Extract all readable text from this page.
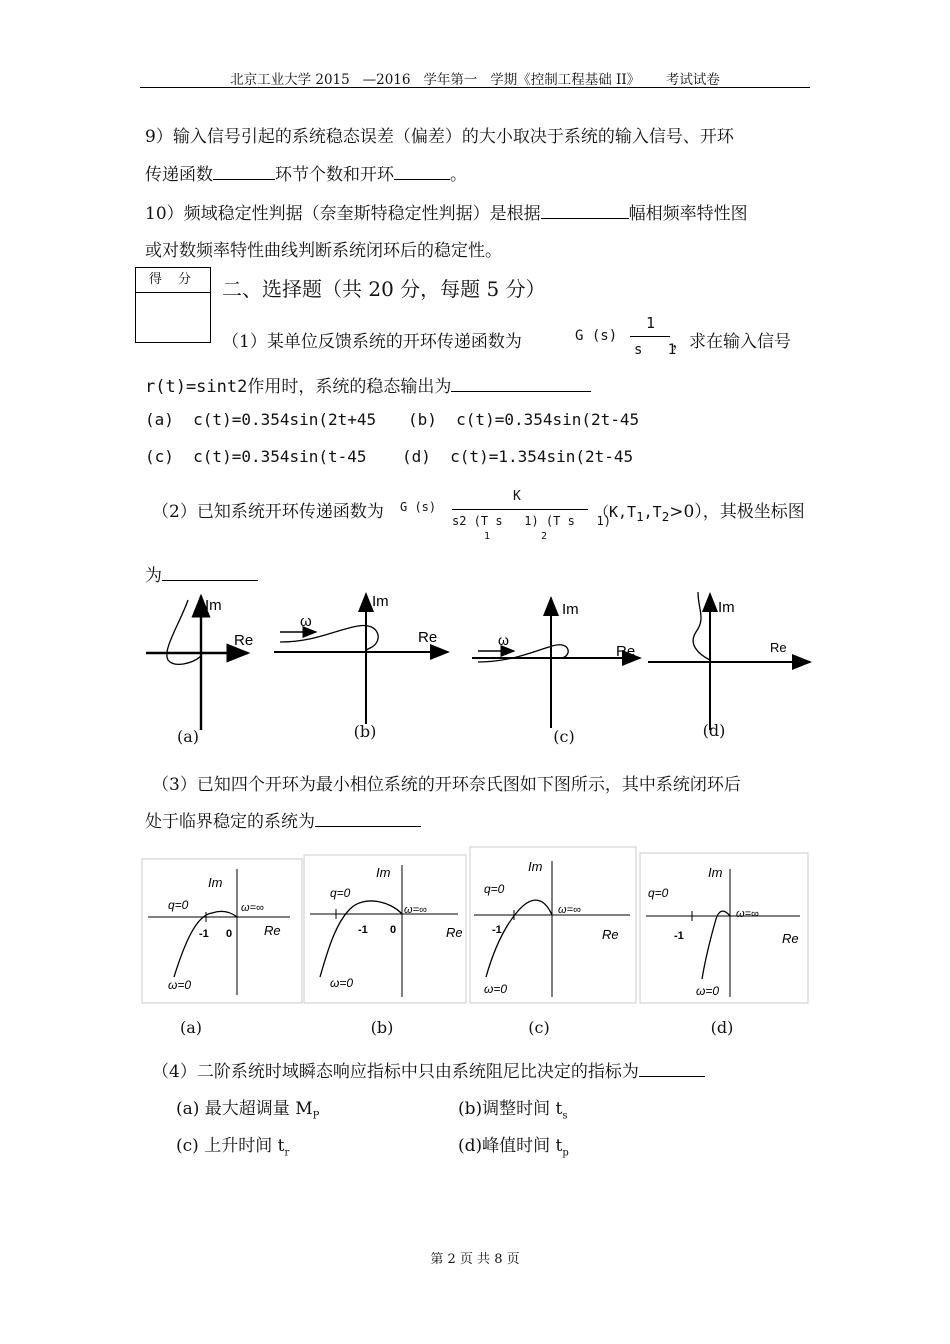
北京工业大学 2015   —2016   学年第一   学期《控制工程基础 II》      考试试卷
9）输入信号引起的系统稳态误差（偏差）的大小取决于系统的输入信号、开环
传递函数	环节个数和开环	。
10）频域稳定性判据（奈奎斯特稳定性判据）是根据	幅相频率特性图
或对数频率特性曲线判断系统闭环后的稳定性。
得 分	二、选择题（共 20 分，每题 5 分）
（1）某单位反馈系统的开环传递函数为	G (s)
1
s   1
，求在输入信号
r(t)=sint2作用时，系统的稳态输出为
(a)  c(t)=0.354sin(2t+45 (b)  c(t)=0.354sin(2t-45
(c)  c(t)=0.354sin(t-45 (d)  c(t)=1.354sin(2t-45
（2）已知系统开环传递函数为 G (s)
K
s2 (T s   1) (T s   1)
1	2
$(K,T_1,T_2>0)$，其极坐标图
为
Im
Re
ω
Im
Re	ω
Im
Re
Im
Re
(a)	(b)	(c)	(d)
（3）已知四个开环为最小相位系统的开环奈氏图如下图所示，其中系统闭环后
处于临界稳定的系统为
Im
Re
q=0
ω=0
ω=∞
-1 0
Im
Re
q=0
ω=0
ω=∞
-1 0
Im
Re
q=0
ω=0
ω=∞
-1
Im
Re
q=0
ω=0
ω=∞
-1
(a)	(b)	(c)	(d)
（4）二阶系统时域瞬态响应指标中只由系统阻尼比决定的指标为
(a) 最大超调量 $M_P$	(b)调整时间 $t_s$
(c) 上升时间 $t_r$	(d)峰值时间 $t_p$
第 2 页 共 8 页
